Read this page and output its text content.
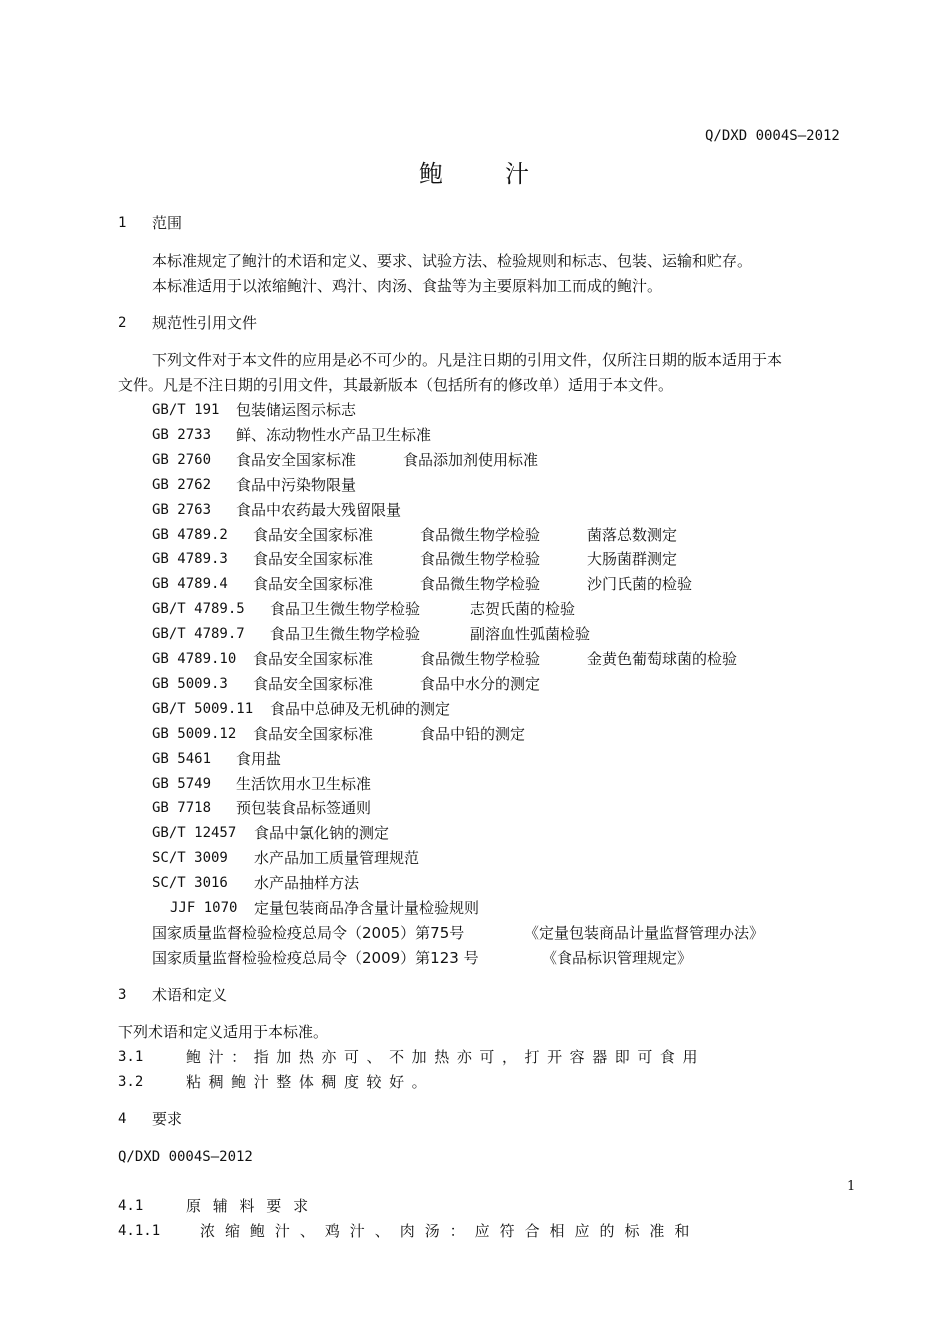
Q/DXD 0004S—2012
鲍	汁
1 范围
本标准规定了鲍汁的术语和定义、要求、试验方法、检验规则和标志、包装、运输和贮存。
本标准适用于以浓缩鲍汁、鸡汁、肉汤、食盐等为主要原料加工而成的鲍汁。
2 规范性引用文件
下列文件对于本文件的应用是必不可少的。凡是注日期的引用文件，仅所注日期的版本适用于本
文件。凡是不注日期的引用文件，其最新版本（包括所有的修改单）适用于本文件。
GB/T 191 包装储运图示标志
GB 2733 鲜、冻动物性水产品卫生标准
GB 2760 食品安全国家标准	食品添加剂使用标准
GB 2762 食品中污染物限量
GB 2763 食品中农药最大残留限量
GB 4789.2 食品安全国家标准	食品微生物学检验	菌落总数测定
GB 4789.3 食品安全国家标准	食品微生物学检验	大肠菌群测定
GB 4789.4 食品安全国家标准	食品微生物学检验	沙门氏菌的检验
GB/T 4789.5 食品卫生微生物学检验	志贺氏菌的检验
GB/T 4789.7 食品卫生微生物学检验	副溶血性弧菌检验
GB 4789.10 食品安全国家标准	食品微生物学检验	金黄色葡萄球菌的检验
GB 5009.3 食品安全国家标准	食品中水分的测定
GB/T 5009.11 食品中总砷及无机砷的测定
GB 5009.12 食品安全国家标准	食品中铅的测定
GB 5461 食用盐
GB 5749 生活饮用水卫生标准
GB 7718 预包装食品标签通则
GB/T 12457 食品中氯化钠的测定
SC/T 3009 水产品加工质量管理规范
SC/T 3016 水产品抽样方法
JJF 1070 定量包装商品净含量计量检验规则
国家质量监督检验检疫总局令（2005）第75号	《定量包装商品计量监督管理办法》
国家质量监督检验检疫总局令（2009）第123 号	《食品标识管理规定》
3 术语和定义
下列术语和定义适用于本标准。
3.1	鲍 汁 ： 指 加 热 亦 可 、 不 加 热 亦 可 ， 打 开 容 器 即 可 食 用
3.2	粘 稠 鲍 汁 整 体 稠 度 较 好 。
4 要求
Q/DXD 0004S—2012
1
4.1	原 辅 料 要 求
4.1.1	浓 缩 鲍 汁 、 鸡 汁 、 肉 汤 ： 应 符 合 相 应 的 标 准 和
